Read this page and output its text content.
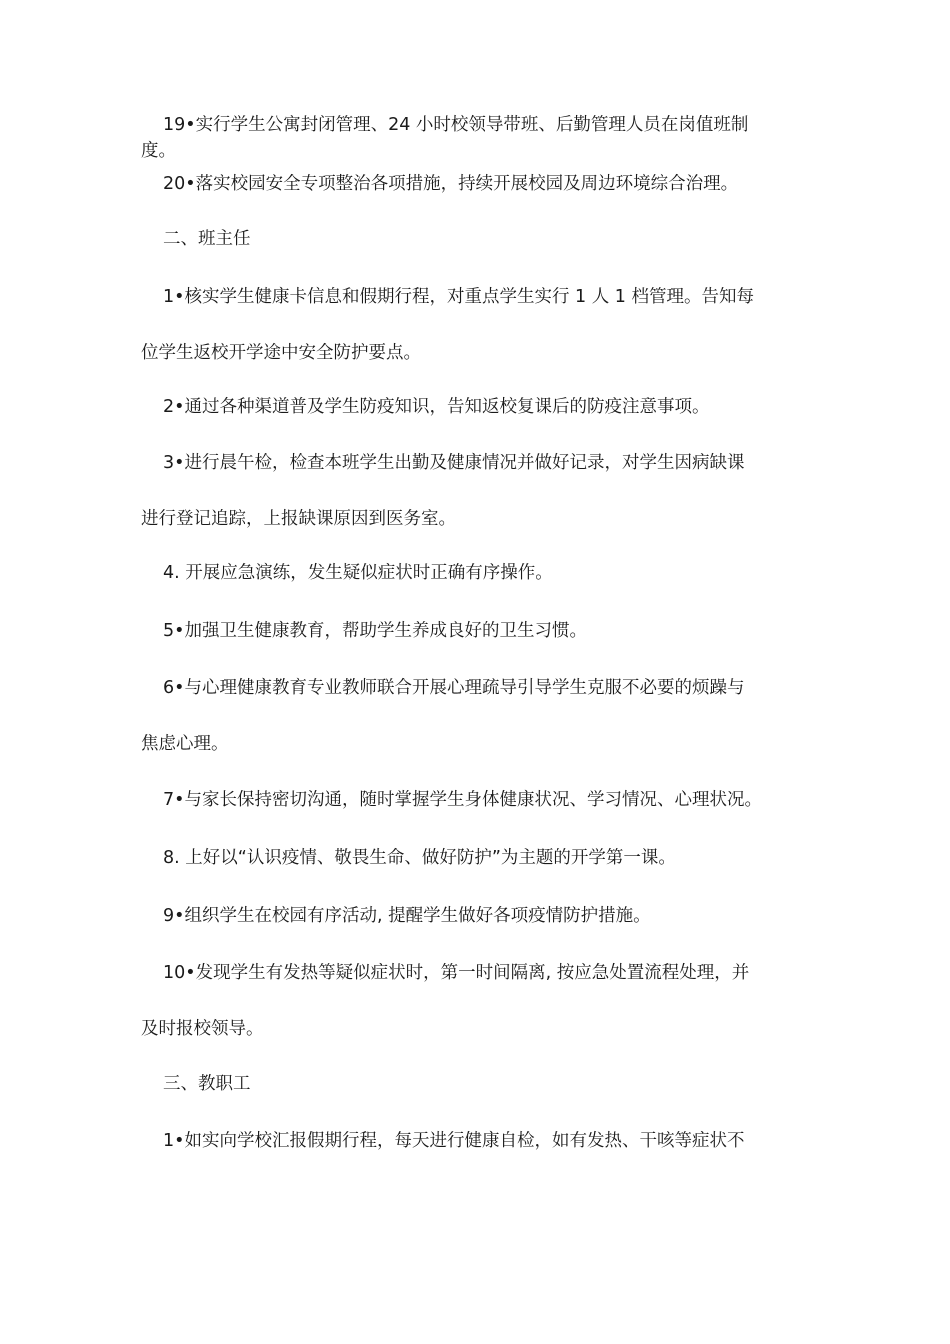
19•实行学生公寓封闭管理、24 小时校领导带班、后勤管理人员在岗值班制
度。

20•落实校园安全专项整治各项措施，持续开展校园及周边环境综合治理。

二、班主任

1•核实学生健康卡信息和假期行程，对重点学生实行 1 人 1 档管理。告知每
位学生返校开学途中安全防护要点。

2•通过各种渠道普及学生防疫知识，告知返校复课后的防疫注意事项。

3•进行晨午检，检查本班学生出勤及健康情况并做好记录，对学生因病缺课
进行登记追踪，上报缺课原因到医务室。

4. 开展应急演练，发生疑似症状时正确有序操作。

5•加强卫生健康教育，帮助学生养成良好的卫生习惯。

6•与心理健康教育专业教师联合开展心理疏导引导学生克服不必要的烦躁与
焦虑心理。

7•与家长保持密切沟通，随时掌握学生身体健康状况、学习情况、心理状况。

8. 上好以“认识疫情、敬畏生命、做好防护”为主题的开学第一课。

9•组织学生在校园有序活动, 提醒学生做好各项疫情防护措施。

10•发现学生有发热等疑似症状时，第一时间隔离, 按应急处置流程处理，并
及时报校领导。

三、教职工

1•如实向学校汇报假期行程，每天进行健康自检，如有发热、干咳等症状不
